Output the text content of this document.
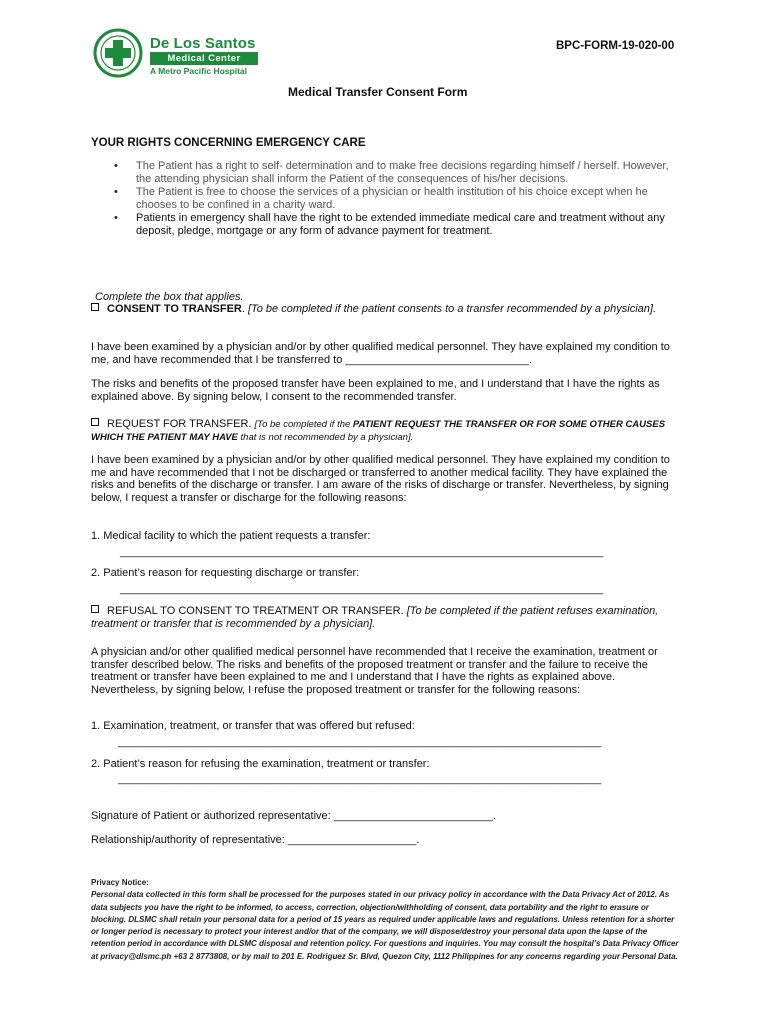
De Los Santos
Medical Center
A Metro Pacific Hospital
BPC-FORM-19-020-00
Medical Transfer Consent Form
YOUR RIGHTS CONCERNING EMERGENCY CARE
• The Patient has a right to self- determination and to make free decisions regarding himself / herself. However, the attending physician shall inform the Patient of the consequences of his/her decisions.
• The Patient is free to choose the services of a physician or health institution of his choice except when he chooses to be confined in a charity ward.
• Patients in emergency shall have the right to be extended immediate medical care and treatment without any deposit, pledge, mortgage or any form of advance payment for treatment.
Complete the box that applies.
CONSENT TO TRANSFER. [To be completed if the patient consents to a transfer recommended by a physician].
I have been examined by a physician and/or by other qualified medical personnel. They have explained my condition to me, and have recommended that I be transferred to ______________________________.
The risks and benefits of the proposed transfer have been explained to me, and I understand that I have the rights as explained above. By signing below, I consent to the recommended transfer.
REQUEST FOR TRANSFER. [To be completed if the PATIENT REQUEST THE TRANSFER OR FOR SOME OTHER CAUSES WHICH THE PATIENT MAY HAVE that is not recommended by a physician].
I have been examined by a physician and/or by other qualified medical personnel. They have explained my condition to me and have recommended that I not be discharged or transferred to another medical facility. They have explained the risks and benefits of the discharge or transfer. I am aware of the risks of discharge or transfer. Nevertheless, by signing below, I request a transfer or discharge for the following reasons:
1. Medical facility to which the patient requests a transfer:
_______________________________________________________________________________
2. Patient’s reason for requesting discharge or transfer:
_______________________________________________________________________________
REFUSAL TO CONSENT TO TREATMENT OR TRANSFER. [To be completed if the patient refuses examination, treatment or transfer that is recommended by a physician].
A physician and/or other qualified medical personnel have recommended that I receive the examination, treatment or transfer described below. The risks and benefits of the proposed treatment or transfer and the failure to receive the treatment or transfer have been explained to me and I understand that I have the rights as explained above. Nevertheless, by signing below, I refuse the proposed treatment or transfer for the following reasons:
1. Examination, treatment, or transfer that was offered but refused:
_______________________________________________________________________________
2. Patient’s reason for refusing the examination, treatment or transfer:
_______________________________________________________________________________
Signature of Patient or authorized representative: __________________________.
Relationship/authority of representative: _____________________.
Privacy Notice:
Personal data collected in this form shall be processed for the purposes stated in our privacy policy in accordance with the Data Privacy Act of 2012. As data subjects you have the right to be informed, to access, correction, objection/withholding of consent, data portability and the right to erasure or blocking. DLSMC shall retain your personal data for a period of 15 years as required under applicable laws and regulations. Unless retention for a shorter or longer period is necessary to protect your interest and/or that of the company, we will dispose/destroy your personal data upon the lapse of the retention period in accordance with DLSMC disposal and retention policy. For questions and inquiries. You may consult the hospital’s Data Privacy Officer at privacy@dlsmc.ph +63 2 8773808, or by mail to 201 E. Rodriguez Sr. Blvd, Quezon City, 1112 Philippines for any concerns regarding your Personal Data.
